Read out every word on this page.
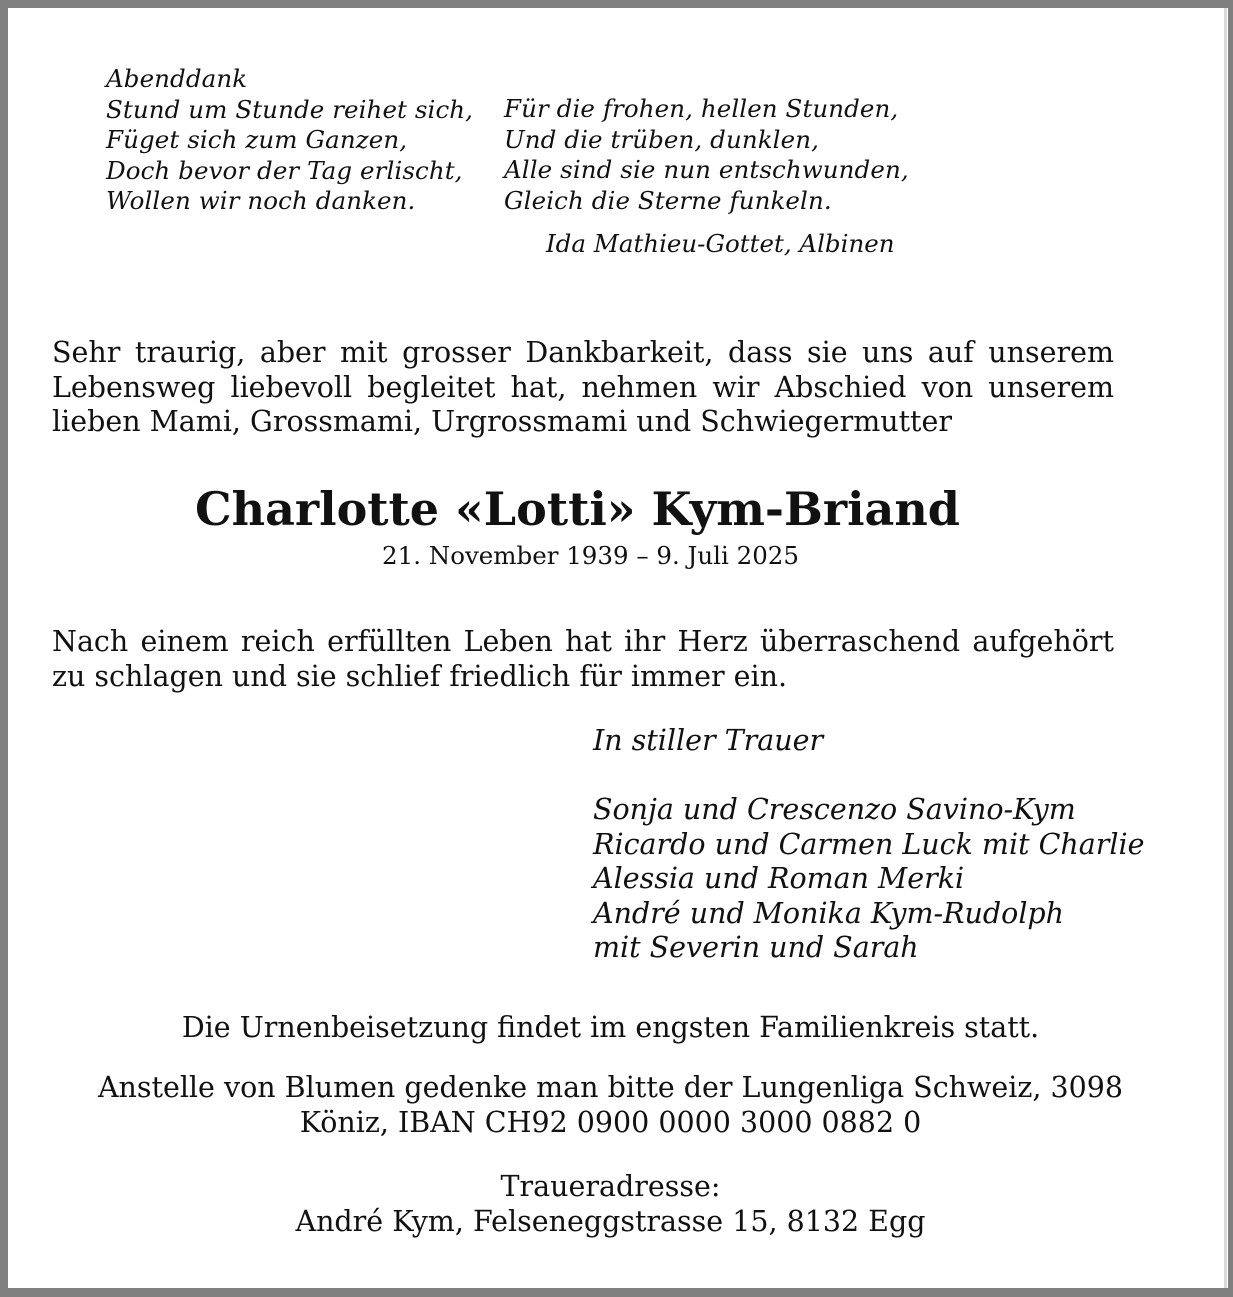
Abenddank
Stund um Stunde reihet sich,
Füget sich zum Ganzen,
Doch bevor der Tag erlischt,
Wollen wir noch danken.
Für die frohen, hellen Stunden,
Und die trüben, dunklen,
Alle sind sie nun entschwunden,
Gleich die Sterne funkeln.
Ida Mathieu-Gottet, Albinen
Sehr traurig, aber mit grosser Dankbarkeit, dass sie uns auf unserem Lebensweg liebevoll begleitet hat, nehmen wir Abschied von unserem lieben Mami, Grossmami, Urgrossmami und Schwiegermutter
Charlotte «Lotti» Kym-Briand
21. November 1939 – 9. Juli 2025
Nach einem reich erfüllten Leben hat ihr Herz überraschend aufgehört zu schlagen und sie schlief friedlich für immer ein.
In stiller Trauer
Sonja und Crescenzo Savino-Kym
Ricardo und Carmen Luck mit Charlie
Alessia und Roman Merki
André und Monika Kym-Rudolph
mit Severin und Sarah
Die Urnenbeisetzung findet im engsten Familienkreis statt.
Anstelle von Blumen gedenke man bitte der Lungenliga Schweiz, 3098
Köniz, IBAN CH92 0900 0000 3000 0882 0
Traueradresse:
André Kym, Felseneggstrasse 15, 8132 Egg
